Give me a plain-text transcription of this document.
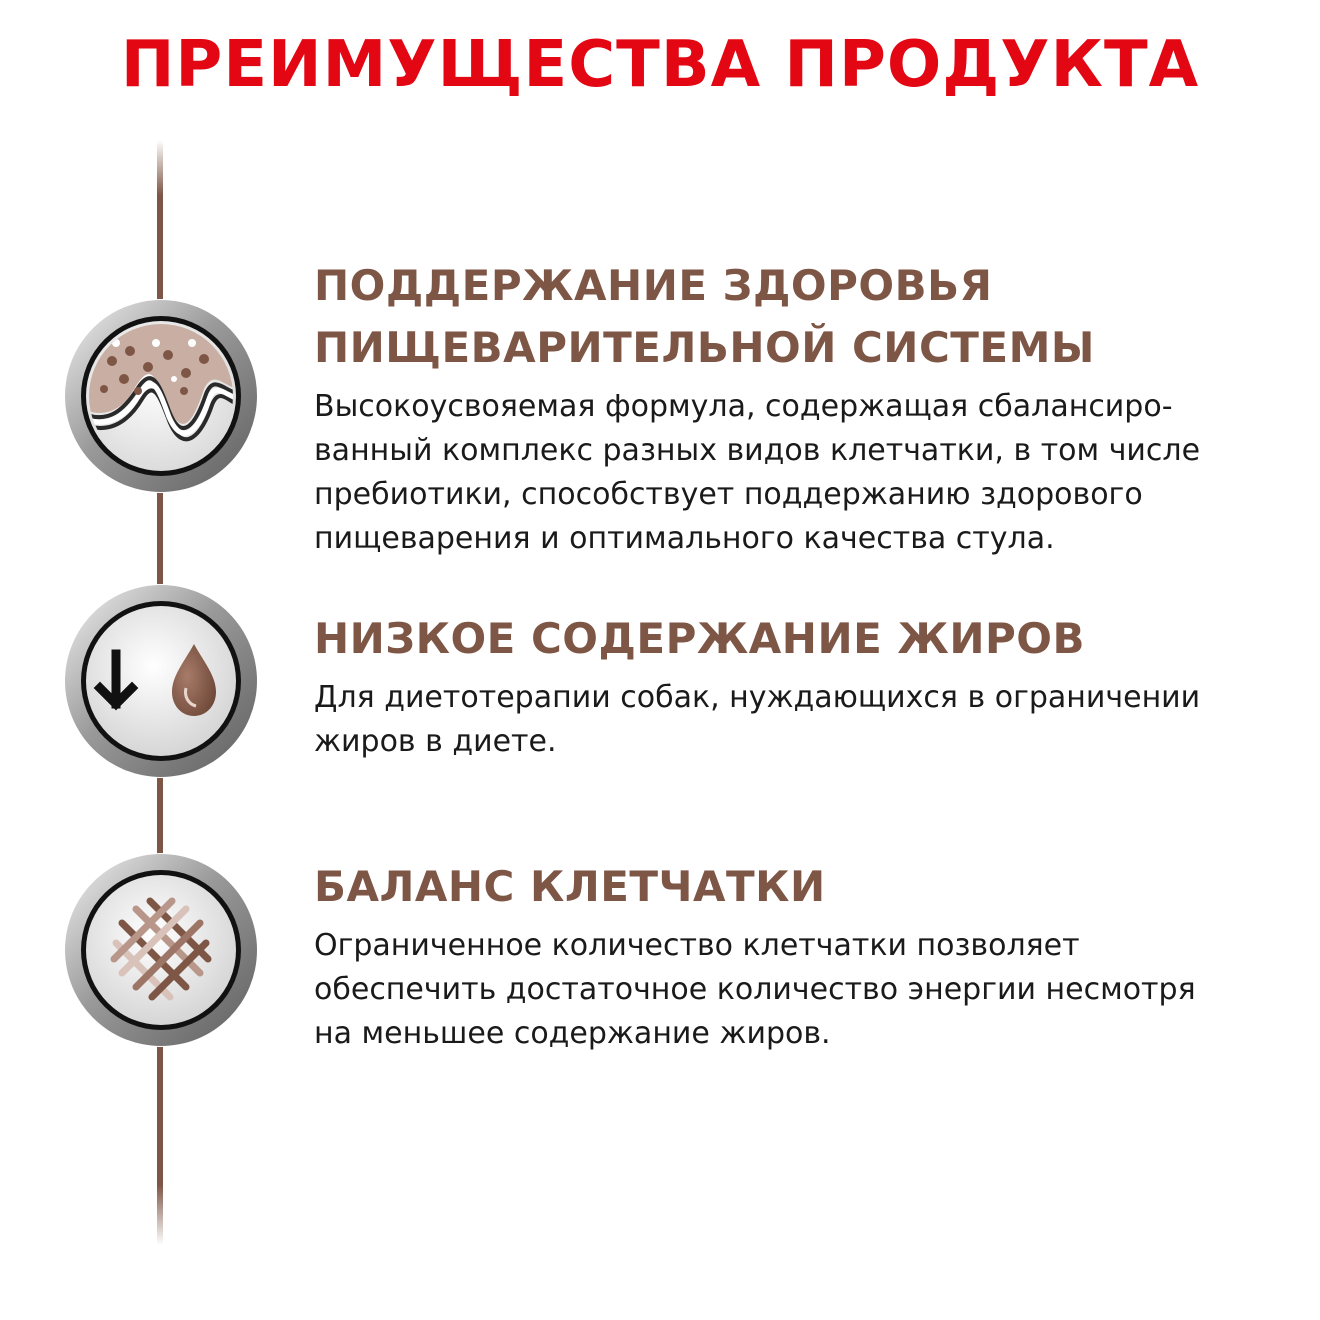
ПРЕИМУЩЕСТВА ПРОДУКТА
ПОДДЕРЖАНИЕ ЗДОРОВЬЯ
ПИЩЕВАРИТЕЛЬНОЙ СИСТЕМЫ

Высокоусвояемая формула, содержащая сбалансиро-
ванный комплекс разных видов клетчатки, в том числе
пребиотики, способствует поддержанию здорового
пищеварения и оптимального качества стула.

НИЗКОЕ СОДЕРЖАНИЕ ЖИРОВ

Для диетотерапии собак, нуждающихся в ограничении
жиров в диете.

БАЛАНС КЛЕТЧАТКИ

Ограниченное количество клетчатки позволяет
обеспечить достаточное количество энергии несмотря
на меньшее содержание жиров.
